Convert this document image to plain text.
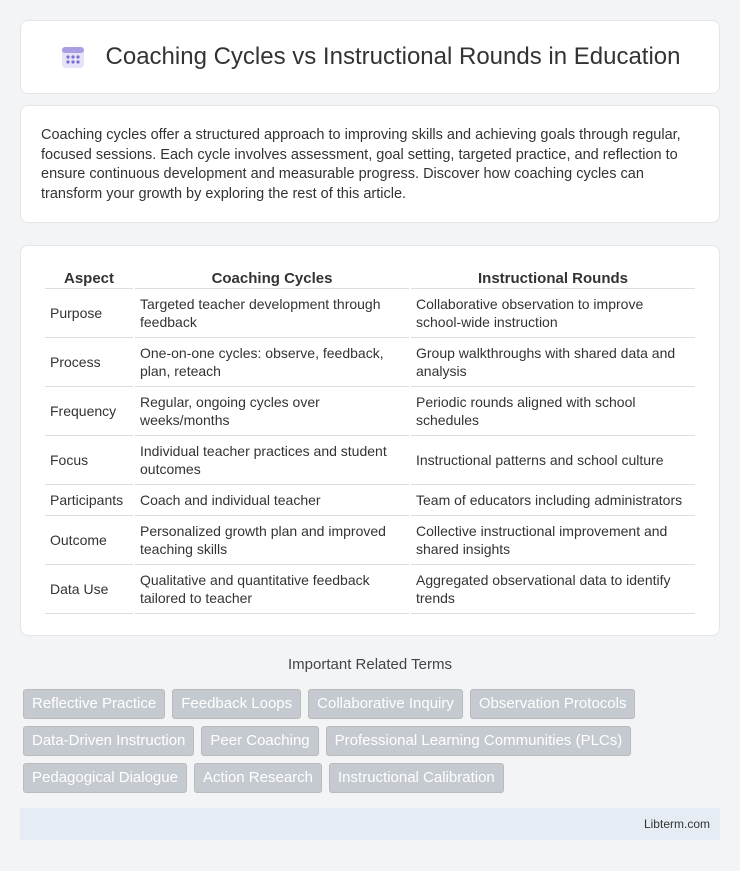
Coaching Cycles vs Instructional Rounds in Education

Coaching cycles offer a structured approach to improving skills and achieving goals through regular, focused sessions. Each cycle involves assessment, goal setting, targeted practice, and reflection to ensure continuous development and measurable progress. Discover how coaching cycles can transform your growth by exploring the rest of this article.

Aspect	Coaching Cycles	Instructional Rounds
Purpose	Targeted teacher development through feedback	Collaborative observation to improve school-wide instruction
Process	One-on-one cycles: observe, feedback, plan, reteach	Group walkthroughs with shared data and analysis
Frequency	Regular, ongoing cycles over weeks/months	Periodic rounds aligned with school schedules
Focus	Individual teacher practices and student outcomes	Instructional patterns and school culture
Participants	Coach and individual teacher	Team of educators including administrators
Outcome	Personalized growth plan and improved teaching skills	Collective instructional improvement and shared insights
Data Use	Qualitative and quantitative feedback tailored to teacher	Aggregated observational data to identify trends
Important Related Terms
Reflective Practice	Feedback Loops	Collaborative Inquiry	Observation Protocols
Data-Driven Instruction	Peer Coaching	Professional Learning Communities (PLCs)
Pedagogical Dialogue	Action Research	Instructional Calibration
Libterm.com
